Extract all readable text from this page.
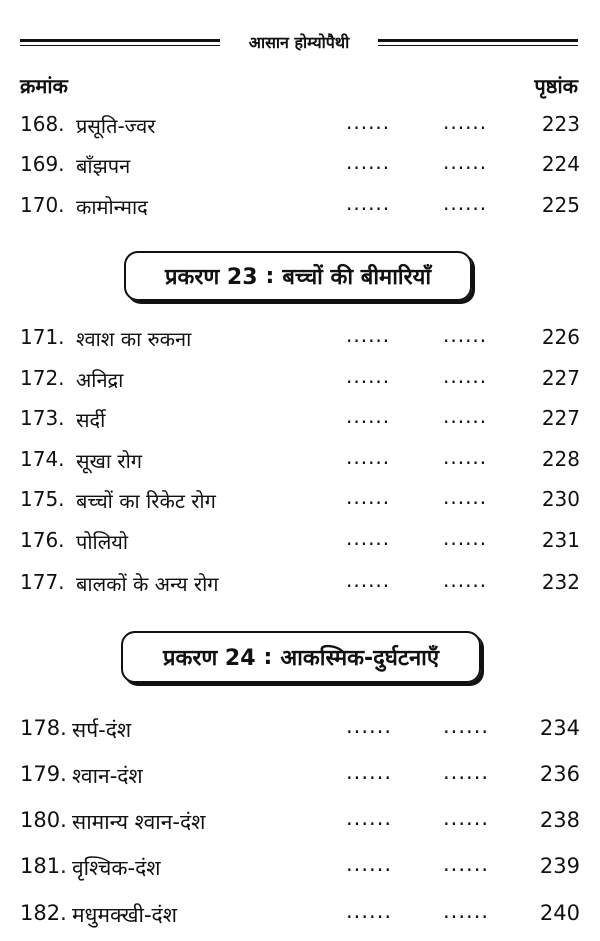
आसान होम्योपैथी
क्रमांक	पृष्ठांक
168. प्रसूति-ज्वर	......	......	223
169. बाँझपन	......	......	224
170. कामोन्माद	......	......	225
प्रकरण 23 : बच्चों की बीमारियाँ
171. श्वाश का रुकना	......	......	226
172. अनिद्रा	......	......	227
173. सर्दी	......	......	227
174. सूखा रोग	......	......	228
175. बच्चों का रिकेट रोग	......	......	230
176. पोलियो	......	......	231
177. बालकों के अन्य रोग	......	......	232
प्रकरण 24 : आकस्मिक-दुर्घटनाएँ
178. सर्प-दंश	...... ...... 234
179. श्वान-दंश	...... ...... 236
180. सामान्य श्वान-दंश	...... ...... 238
181. वृश्चिक-दंश	...... ...... 239
182. मधुमक्खी-दंश	...... ...... 240
